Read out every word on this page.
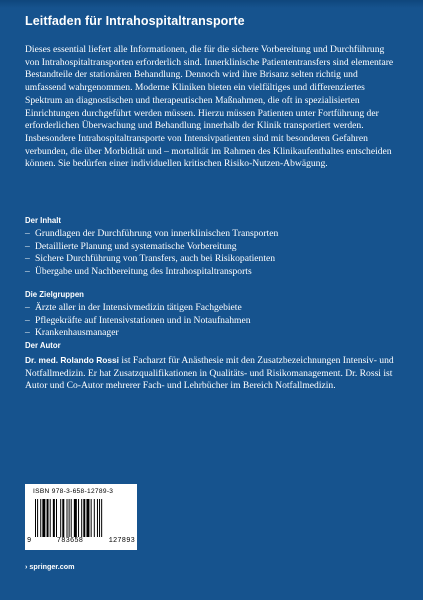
Leitfaden für Intrahospitaltransporte

Dieses essential liefert alle Informationen, die für die sichere Vorbereitung und Durchführung von Intrahospitaltransporten erforderlich sind. Innerklinische Patiententransfers sind elementare Bestandteile der stationären Behandlung. Dennoch wird ihre Brisanz selten richtig und umfassend wahrgenommen. Moderne Kliniken bieten ein vielfältiges und differenziertes Spektrum an diagnostischen und therapeutischen Maßnahmen, die oft in spezialisierten Einrichtungen durchgeführt werden müssen. Hierzu müssen Patienten unter Fortführung der erforderlichen Überwachung und Behandlung innerhalb der Klinik transportiert werden. Insbesondere Intrahospitaltransporte von Intensivpatienten sind mit besonderen Gefahren verbunden, die über Morbidität und – mortalität im Rahmen des Klinikaufenthaltes entscheiden können. Sie bedürfen einer individuellen kritischen Risiko-Nutzen-Abwägung.

Der Inhalt
– Grundlagen der Durchführung von innerklinischen Transporten
– Detaillierte Planung und systematische Vorbereitung
– Sichere Durchführung von Transfers, auch bei Risikopatienten
– Übergabe und Nachbereitung des Intrahospitaltransports
Die Zielgruppen
– Ärzte aller in der Intensivmedizin tätigen Fachgebiete
– Pflegekräfte auf Intensivstationen und in Notaufnahmen
– Krankenhausmanager
Der Autor

Dr. med. Rolando Rossi ist Facharzt für Anästhesie mit den Zusatzbezeichnungen Intensiv- und Notfallmedizin. Er hat Zusatzqualifikationen in Qualitäts- und Risikomanagement. Dr. Rossi ist Autor und Co-Autor mehrerer Fach- und Lehrbücher im Bereich Notfallmedizin.

ISBN 978-3-658-12789-3
9	783658	127893
› springer.com
